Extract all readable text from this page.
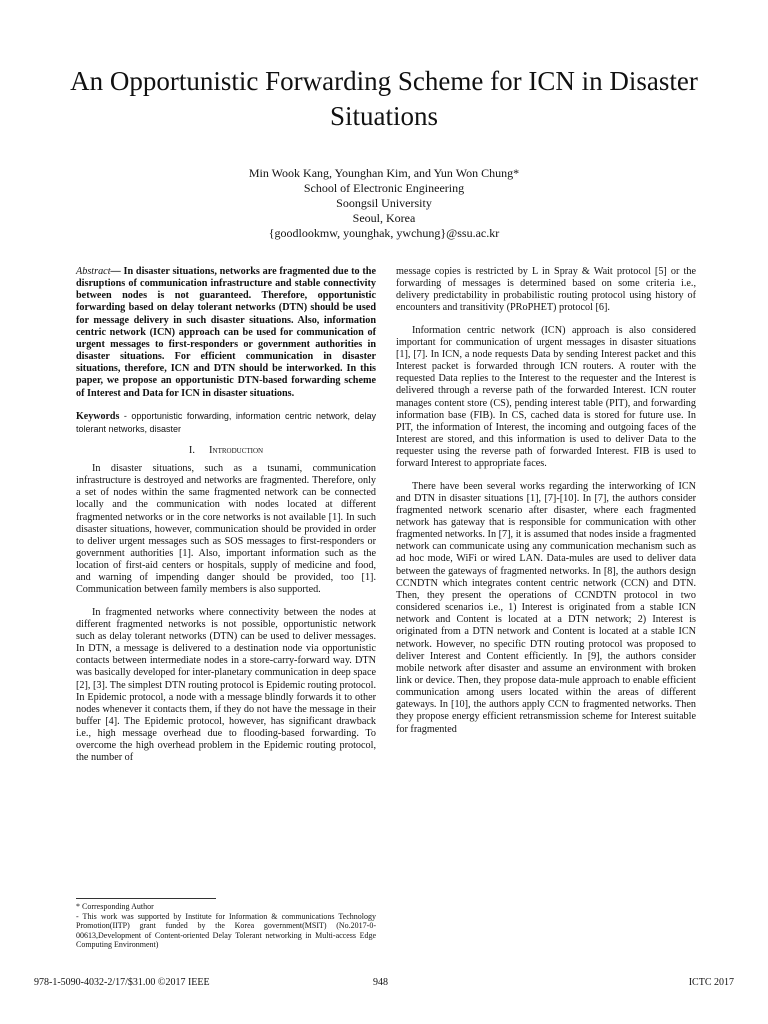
An Opportunistic Forwarding Scheme for ICN in Disaster Situations
Min Wook Kang, Younghan Kim, and Yun Won Chung*
School of Electronic Engineering
Soongsil University
Seoul, Korea
{goodlookmw, younghak, ywchung}@ssu.ac.kr

Abstract— In disaster situations, networks are fragmented due to the disruptions of communication infrastructure and stable connectivity between nodes is not guaranteed. Therefore, opportunistic forwarding based on delay tolerant networks (DTN) should be used for message delivery in such disaster situations. Also, information centric network (ICN) approach can be used for communication of urgent messages to first-responders or government authorities in disaster situations. For efficient communication in disaster situations, therefore, ICN and DTN should be interworked. In this paper, we propose an opportunistic DTN-based forwarding scheme of Interest and Data for ICN in disaster situations.

Keywords - opportunistic forwarding, information centric network, delay tolerant networks, disaster

I. Introduction

In disaster situations, such as a tsunami, communication infrastructure is destroyed and networks are fragmented. Therefore, only a set of nodes within the same fragmented network can be connected locally and the communication with nodes located at different fragmented networks or in the core networks is not available [1]. In such disaster situations, however, communication should be provided in order to deliver urgent messages such as SOS messages to first-responders or government authorities [1]. Also, important information such as the location of first-aid centers or hospitals, supply of medicine and food, and warning of impending danger should be provided, too [1]. Communication between family members is also supported.

In fragmented networks where connectivity between the nodes at different fragmented networks is not possible, opportunistic network such as delay tolerant networks (DTN) can be used to deliver messages. In DTN, a message is delivered to a destination node via opportunistic contacts between intermediate nodes in a store-carry-forward way. DTN was basically developed for inter-planetary communication in deep space [2], [3]. The simplest DTN routing protocol is Epidemic routing protocol. In Epidemic protocol, a node with a message blindly forwards it to other nodes whenever it contacts them, if they do not have the message in their buffer [4]. The Epidemic protocol, however, has significant drawback i.e., high message overhead due to flooding-based forwarding. To overcome the high overhead problem in the Epidemic routing protocol, the number of

message copies is restricted by L in Spray & Wait protocol [5] or the forwarding of messages is determined based on some criteria i.e., delivery predictability in probabilistic routing protocol using history of encounters and transitivity (PRoPHET) protocol [6].

Information centric network (ICN) approach is also considered important for communication of urgent messages in disaster situations [1], [7]. In ICN, a node requests Data by sending Interest packet and this Interest packet is forwarded through ICN routers. A router with the requested Data replies to the Interest to the requester and the Interest is delivered through a reverse path of the forwarded Interest. ICN router manages content store (CS), pending interest table (PIT), and forwarding information base (FIB). In CS, cached data is stored for future use. In PIT, the information of Interest, the incoming and outgoing faces of the Interest are stored, and this information is used to deliver Data to the requester using the reverse path of forwarded Interest. FIB is used to forward Interest to appropriate faces.

There have been several works regarding the interworking of ICN and DTN in disaster situations [1], [7]-[10]. In [7], the authors consider fragmented network scenario after disaster, where each fragmented network has gateway that is responsible for communication with other fragmented networks. In [7], it is assumed that nodes inside a fragmented network can communicate using any communication mechanism such as ad hoc mode, WiFi or wired LAN. Data-mules are used to deliver data between the gateways of fragmented networks. In [8], the authors design CCNDTN which integrates content centric network (CCN) and DTN. Then, they present the operations of CCNDTN protocol in two considered scenarios i.e., 1) Interest is originated from a stable ICN network and Content is located at a DTN network; 2) Interest is originated from a DTN network and Content is located at a stable ICN network. However, no specific DTN routing protocol was proposed to deliver Interest and Content efficiently. In [9], the authors consider mobile network after disaster and assume an environment with broken link or device. Then, they propose data-mule approach to enable efficient communication among users located within the areas of different gateways. In [10], the authors apply CCN to fragmented networks. Then they propose energy efficient retransmission scheme for Interest suitable for fragmented

* Corresponding Author

- This work was supported by Institute for Information & communications Technology Promotion(IITP) grant funded by the Korea government(MSIT) (No.2017-0-00613,Development of Content-oriented Delay Tolerant networking in Multi-access Edge Computing Environment)

978-1-5090-4032-2/17/$31.00 ©2017 IEEE	948	ICTC 2017
